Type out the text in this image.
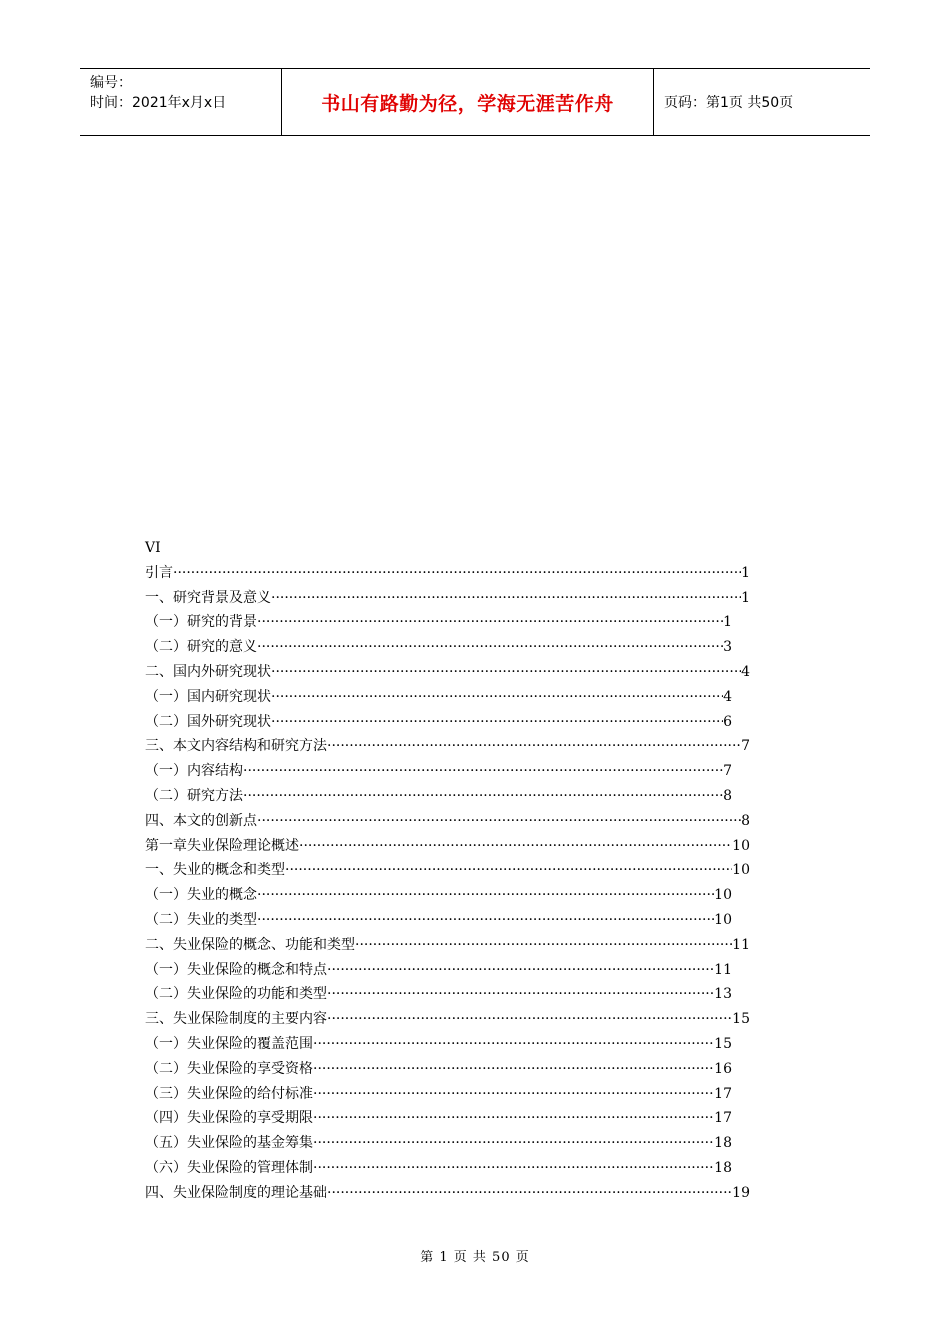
编号：
时间：2021年x月x日	书山有路勤为径，学海无涯苦作舟	页码：第1页 共50页
VI
引言 ·····	1
一、研究背景及意义 ·····	1
（一）研究的背景 ·····	1
（二）研究的意义 ·····	3
二、国内外研究现状 ·····	4
（一）国内研究现状 ·····	4
（二）国外研究现状 ·····	6
三、本文内容结构和研究方法 ·····	7
（一）内容结构 ·····	7
（二）研究方法 ·····	8
四、本文的创新点 ·····	8
第一章失业保险理论概述 ·····	10
一、失业的概念和类型 ·····	10
（一）失业的概念 ·····	10
（二）失业的类型 ·····	10
二、失业保险的概念、功能和类型 ·····	11
（一）失业保险的概念和特点 ·····	11
（二）失业保险的功能和类型 ·····	13
三、失业保险制度的主要内容 ·····	15
（一）失业保险的覆盖范围 ·····	15
（二）失业保险的享受资格 ·····	16
（三）失业保险的给付标准 ·····	17
（四）失业保险的享受期限 ·····	17
（五）失业保险的基金筹集 ·····	18
（六）失业保险的管理体制 ·····	18
四、失业保险制度的理论基础 ·····	19
第 1 页 共 50 页
